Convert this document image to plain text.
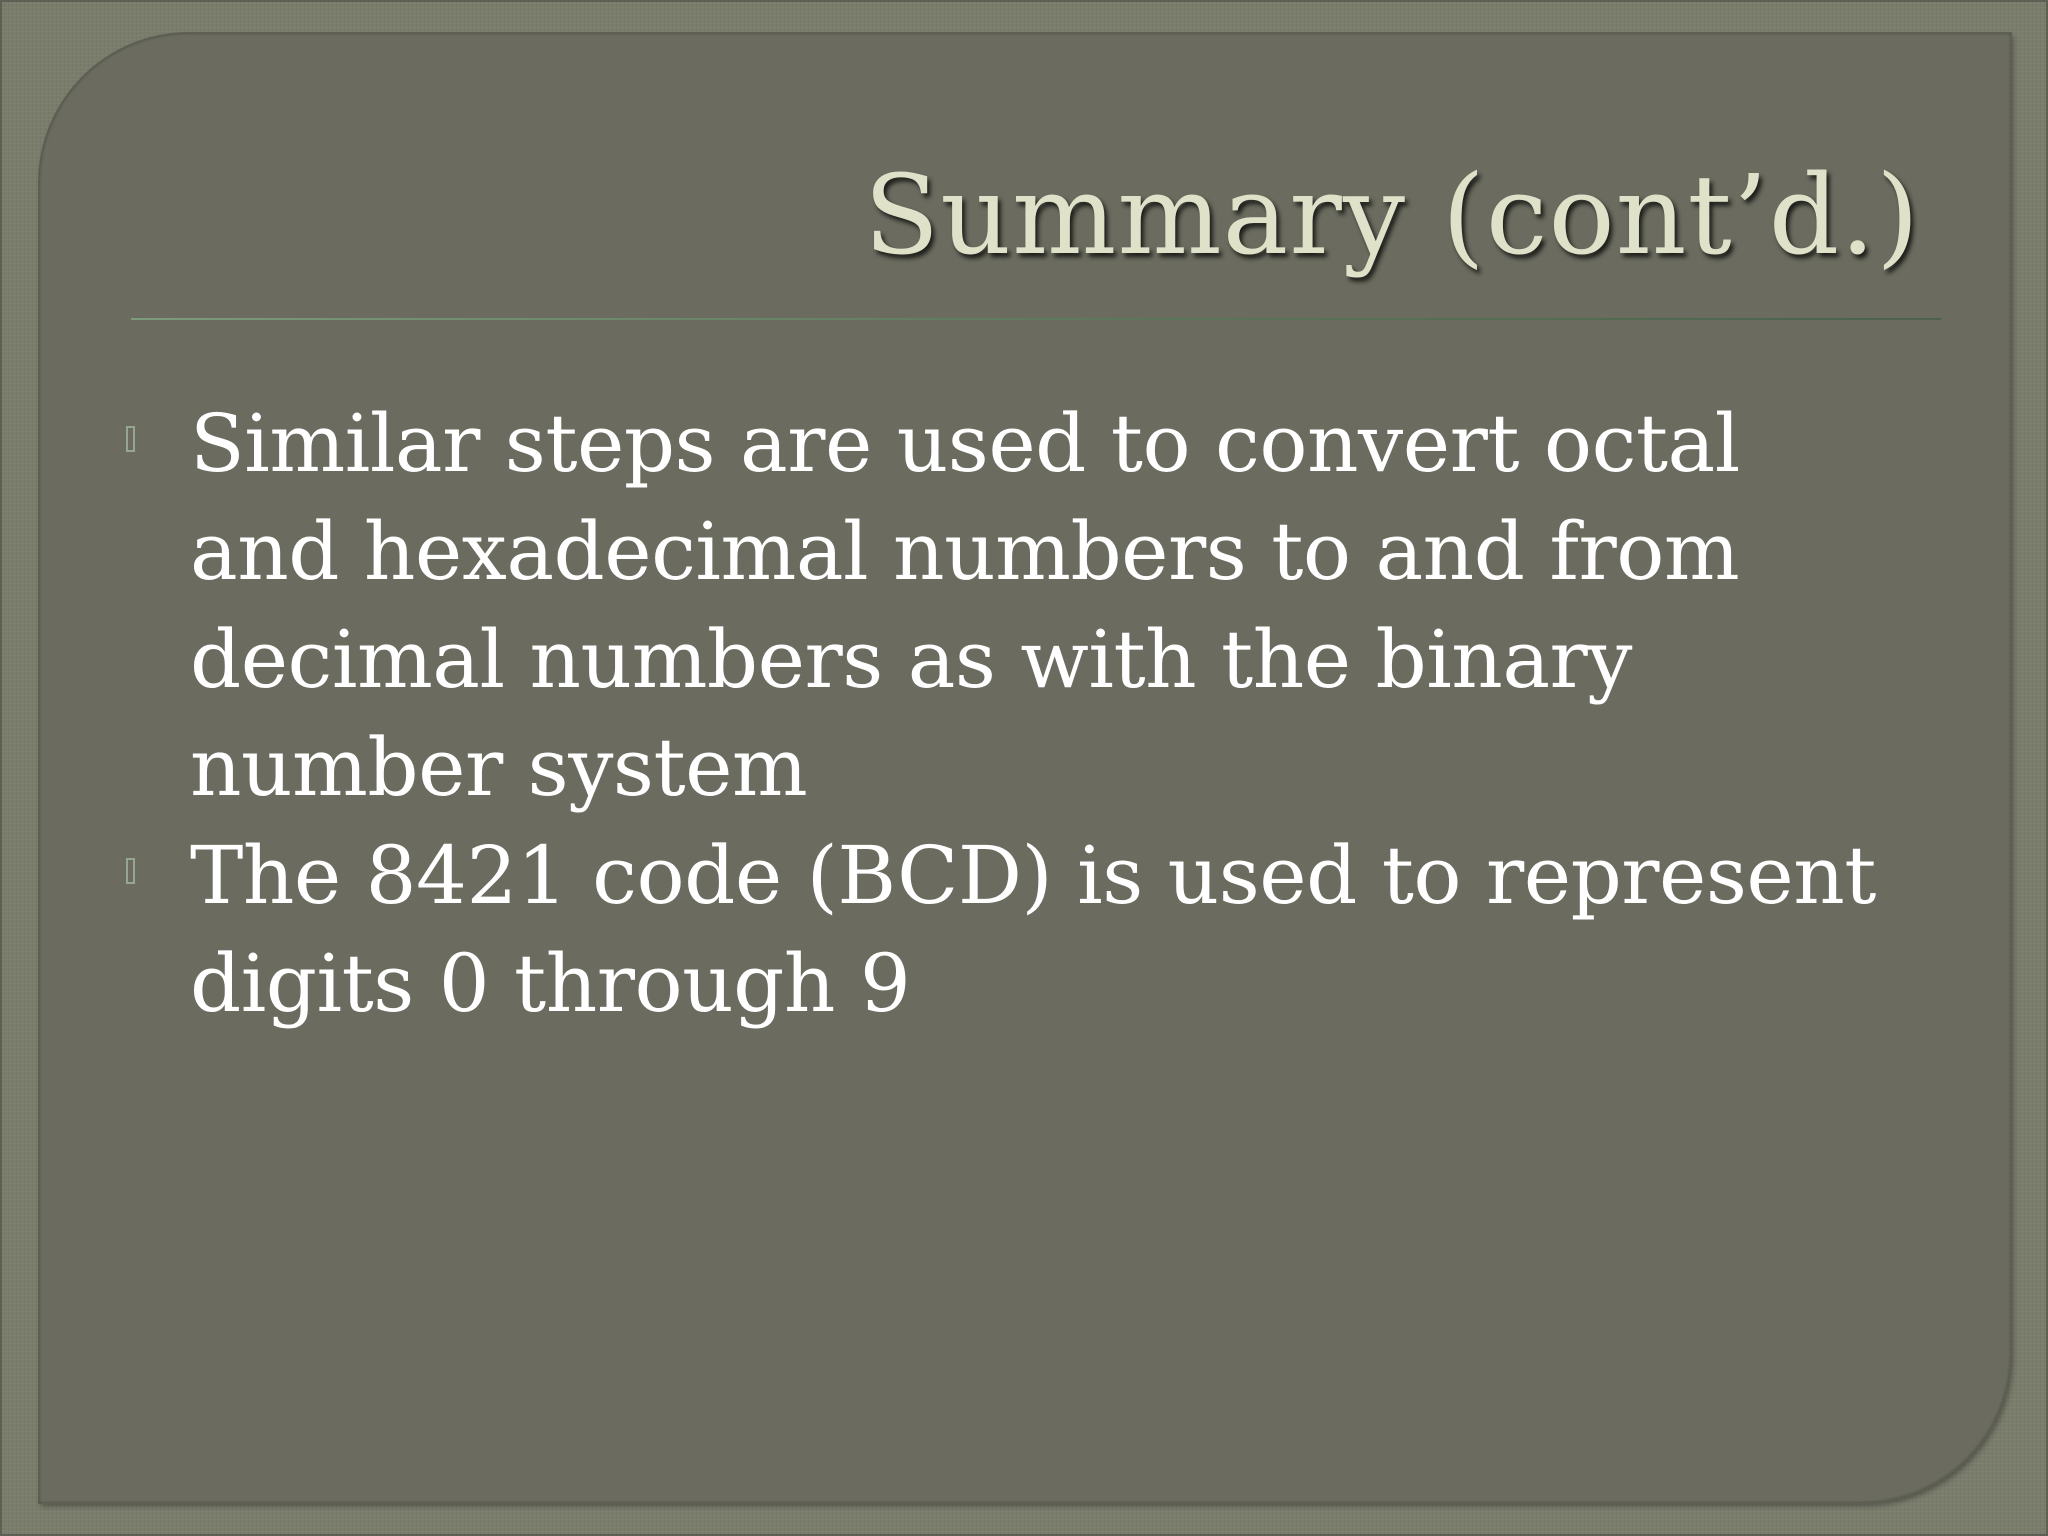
Summary (cont’d.)
Similar steps are used to convert octal
and hexadecimal numbers to and from
decimal numbers as with the binary
number system
The 8421 code (BCD) is used to represent
digits 0 through 9
